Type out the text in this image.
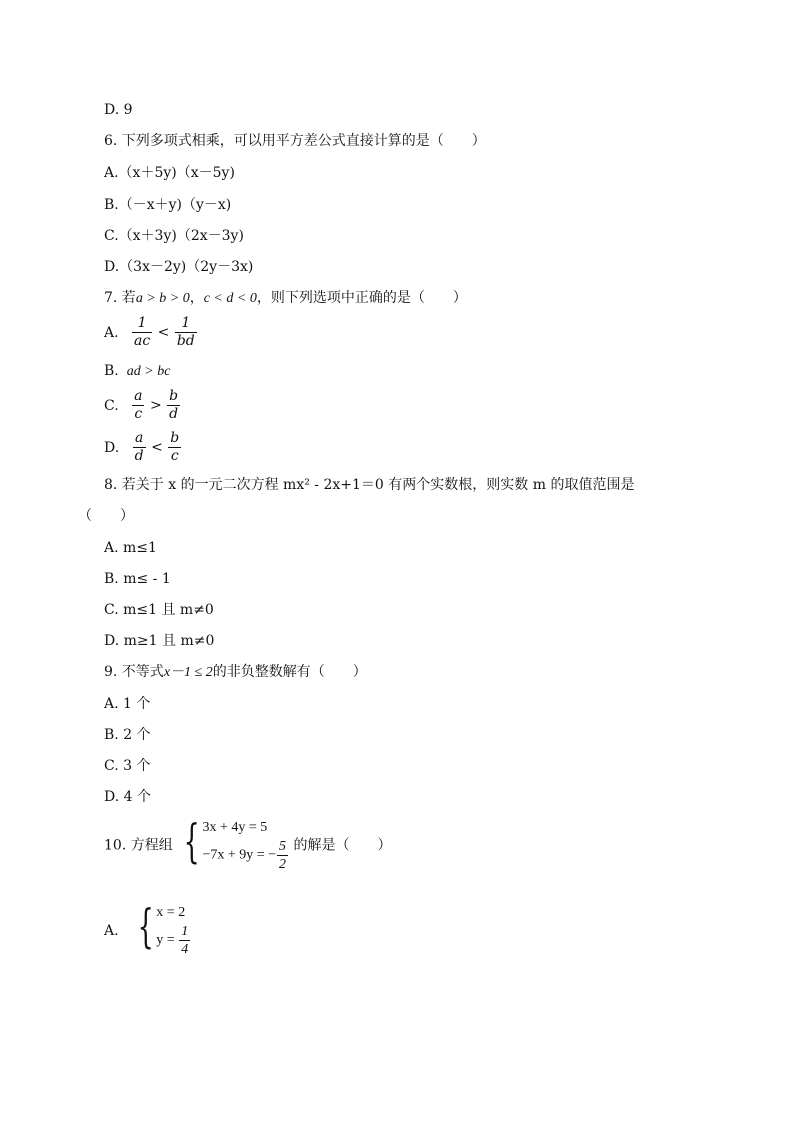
D. 9
6. 下列多项式相乘，可以用平方差公式直接计算的是（　　）
A.（x＋5y)（x－5y)
B.（－x＋y)（y－x)
C.（x＋3y)（2x－3y)
D.（3x－2y)（2y－3x)
7. 若a > b > 0，c < d < 0，则下列选项中正确的是（　　）
A. $\frac{1}{ac} < \frac{1}{bd}$
B. ad > bc
C. $\frac{a}{c} > \frac{b}{d}$
D. $\frac{a}{d} < \frac{b}{c}$
8. 若关于 x 的一元二次方程 mx² ‑ 2x+1＝0 有两个实数根，则实数 m 的取值范围是
（　　）
A. m≤1
B. m≤ ‑ 1
C. m≤1 且 m≠0
D. m≥1 且 m≠0
9. 不等式x－1 ≤ 2的非负整数解有（　　）
A. 1 个
B. 2 个
C. 3 个
D. 4 个
10. 方程组 { 3x + 4y = 5
−7x + 9y = − $\frac{5}{2}$ 的解是（　　）
A. { x = 2
$y = \frac{1}{4}$
